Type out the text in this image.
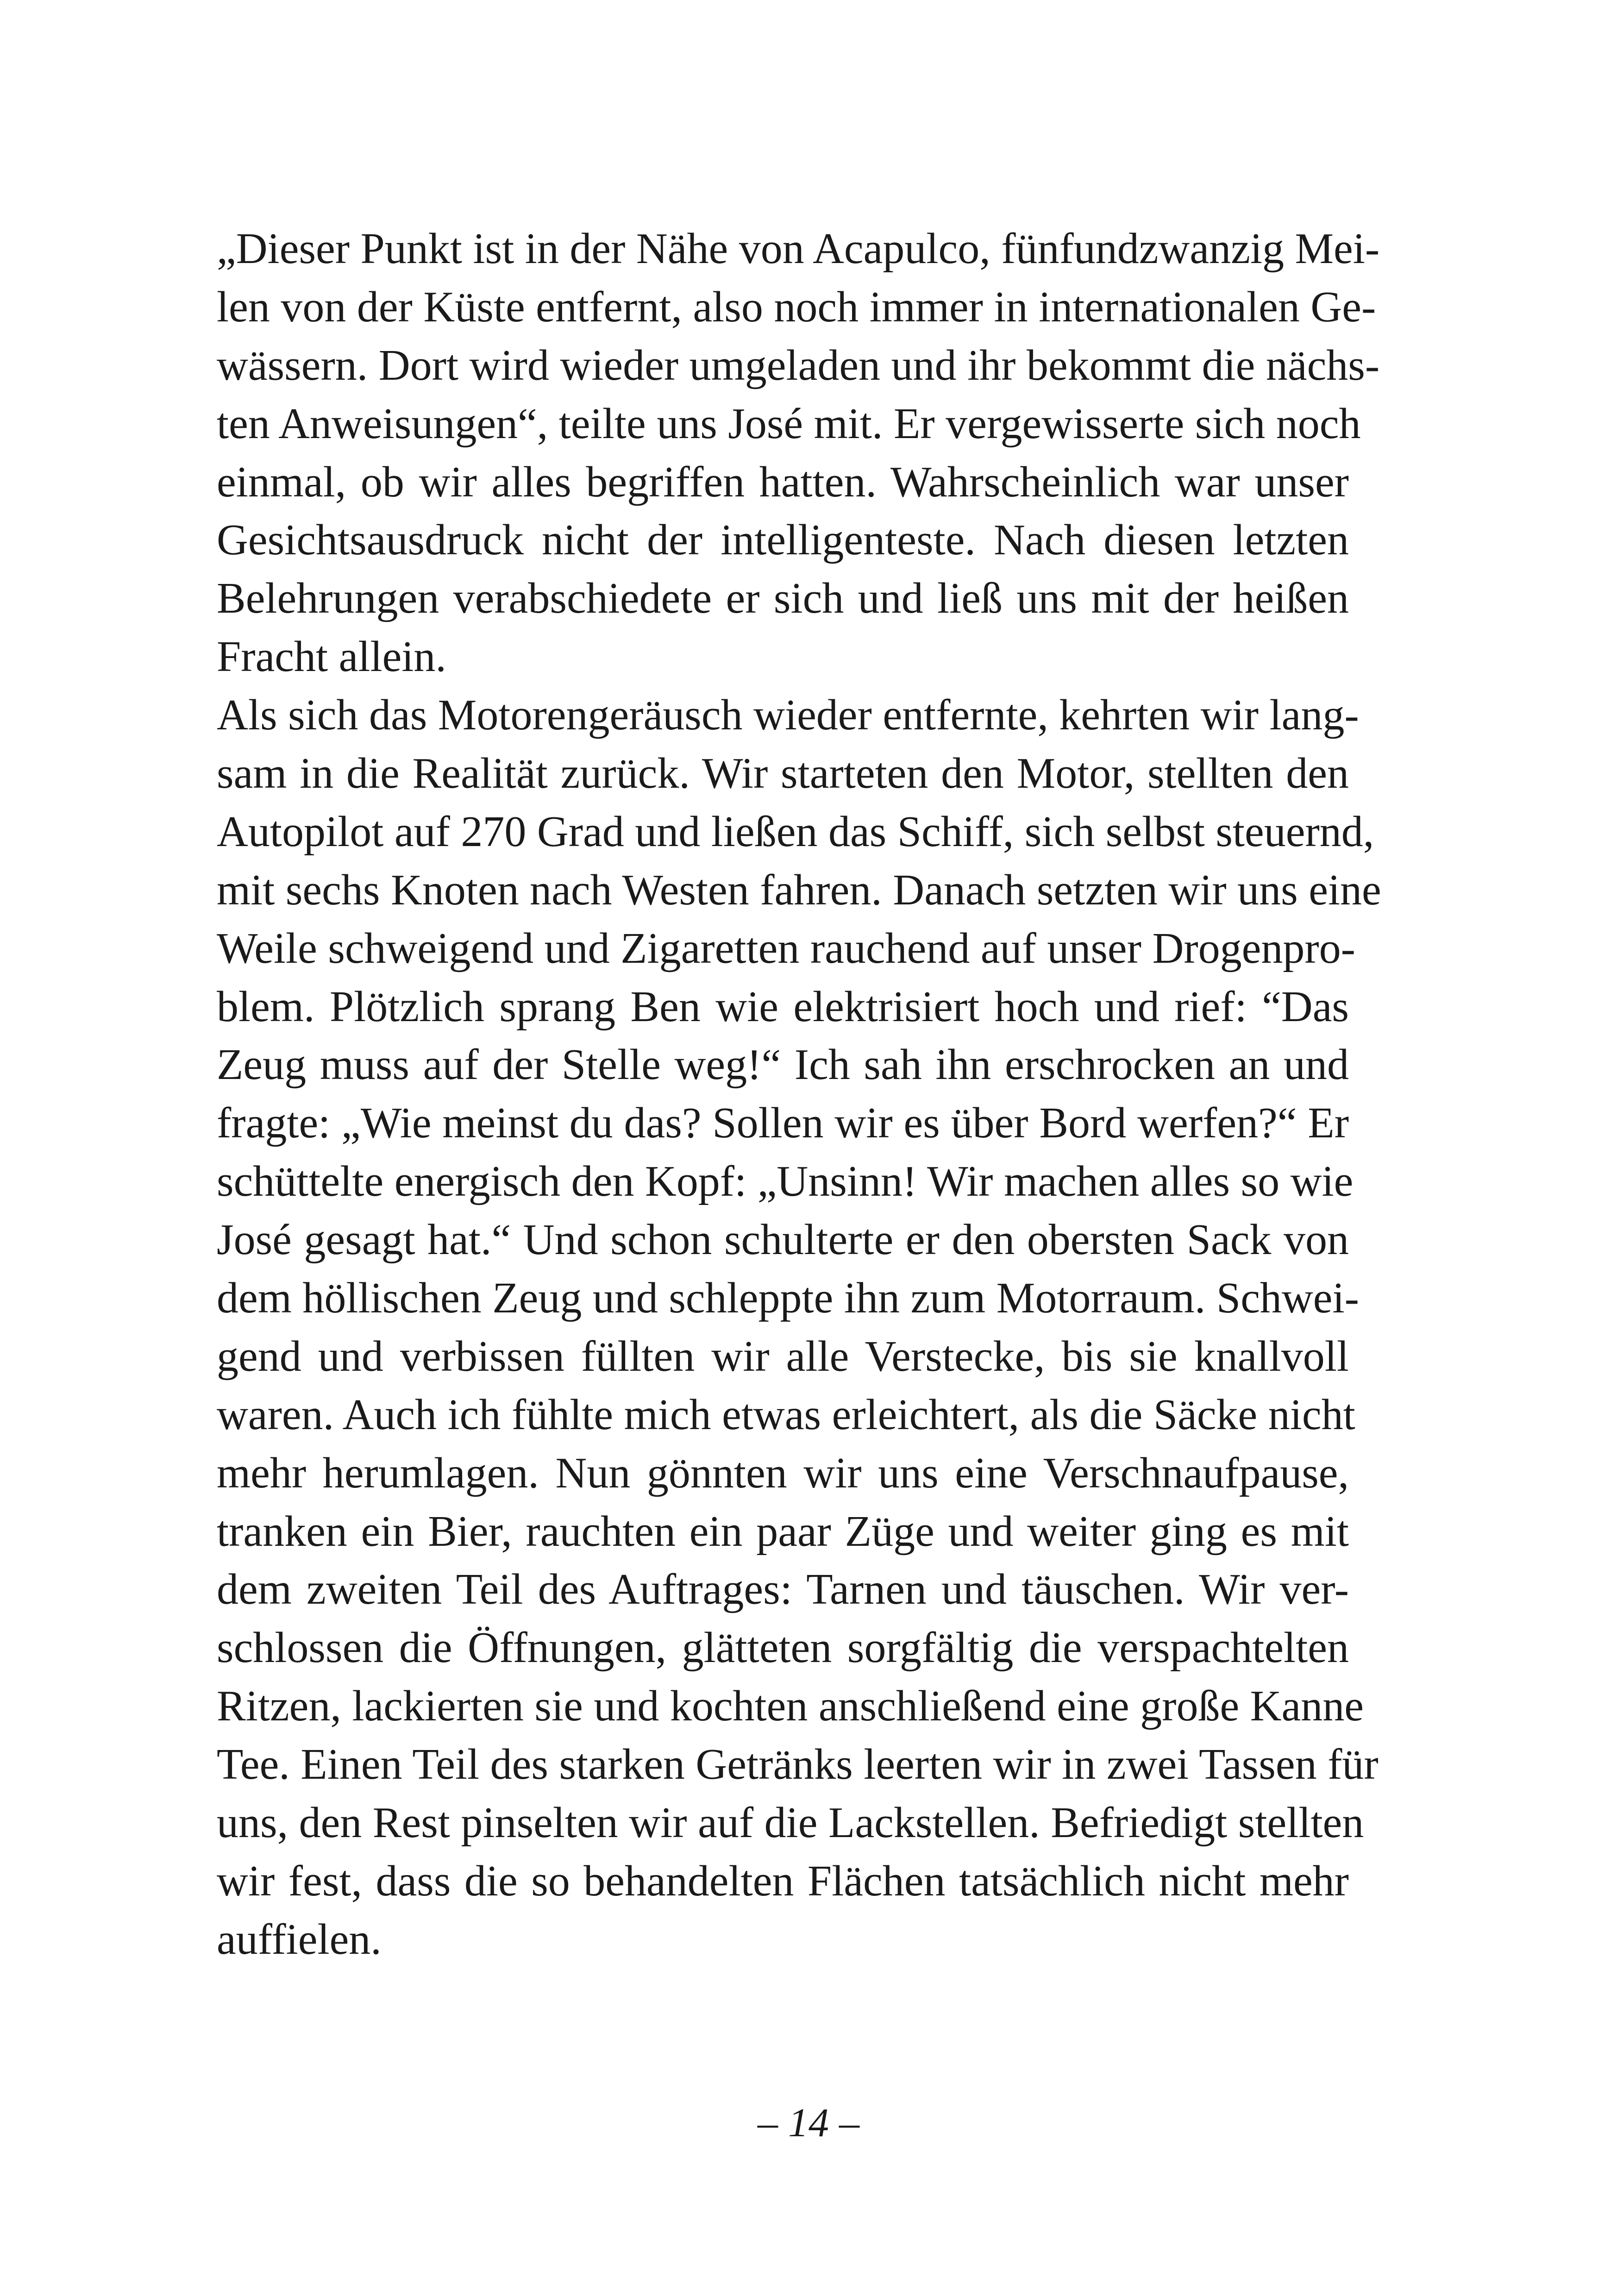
„Dieser Punkt ist in der Nähe von Acapulco, fünfundzwanzig Mei-
len von der Küste entfernt, also noch immer in internationalen Ge-
wässern. Dort wird wieder umgeladen und ihr bekommt die nächs-
ten Anweisungen“, teilte uns José mit. Er vergewisserte sich noch
einmal, ob wir alles begriffen hatten. Wahrscheinlich war unser
Gesichtsausdruck nicht der intelligenteste. Nach diesen letzten
Belehrungen verabschiedete er sich und ließ uns mit der heißen
Fracht allein.
Als sich das Motorengeräusch wieder entfernte, kehrten wir lang-
sam in die Realität zurück. Wir starteten den Motor, stellten den
Autopilot auf 270 Grad und ließen das Schiff, sich selbst steuernd,
mit sechs Knoten nach Westen fahren. Danach setzten wir uns eine
Weile schweigend und Zigaretten rauchend auf unser Drogenpro-
blem. Plötzlich sprang Ben wie elektrisiert hoch und rief: “Das
Zeug muss auf der Stelle weg!“ Ich sah ihn erschrocken an und
fragte: „Wie meinst du das? Sollen wir es über Bord werfen?“ Er
schüttelte energisch den Kopf: „Unsinn! Wir machen alles so wie
José gesagt hat.“ Und schon schulterte er den obersten Sack von
dem höllischen Zeug und schleppte ihn zum Motorraum. Schwei-
gend und verbissen füllten wir alle Verstecke, bis sie knallvoll
waren. Auch ich fühlte mich etwas erleichtert, als die Säcke nicht
mehr herumlagen. Nun gönnten wir uns eine Verschnaufpause,
tranken ein Bier, rauchten ein paar Züge und weiter ging es mit
dem zweiten Teil des Auftrages: Tarnen und täuschen. Wir ver-
schlossen die Öffnungen, glätteten sorgfältig die verspachtelten
Ritzen, lackierten sie und kochten anschließend eine große Kanne
Tee. Einen Teil des starken Getränks leerten wir in zwei Tassen für
uns, den Rest pinselten wir auf die Lackstellen. Befriedigt stellten
wir fest, dass die so behandelten Flächen tatsächlich nicht mehr
auffielen.
– 14 –
